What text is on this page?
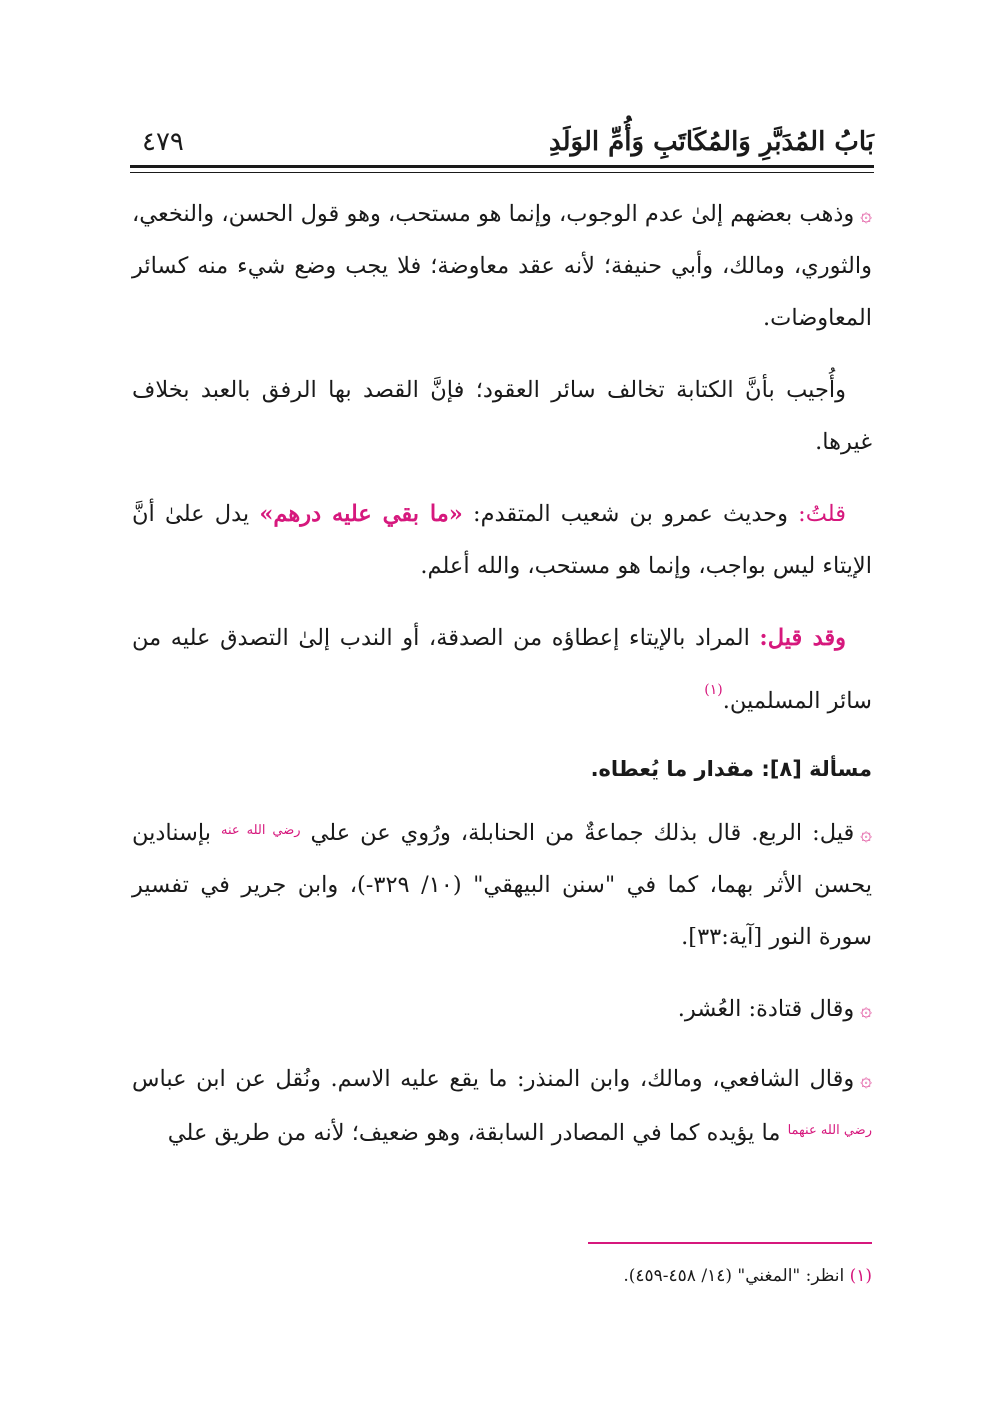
بَابُ المُدَبَّرِ وَالمُكَاتَبِ وَأُمِّ الوَلَدِ
٤٧٩

۞وذهب بعضهم إلىٰ عدم الوجوب، وإنما هو مستحب، وهو قول الحسن، والنخعي، والثوري، ومالك، وأبي حنيفة؛ لأنه عقد معاوضة؛ فلا يجب وضع شيء منه كسائر المعاوضات.

وأُجيب بأنَّ الكتابة تخالف سائر العقود؛ فإنَّ القصد بها الرفق بالعبد بخلاف غيرها.

قلتُ: وحديث عمرو بن شعيب المتقدم: «ما بقي عليه درهم» يدل علىٰ أنَّ الإيتاء ليس بواجب، وإنما هو مستحب، والله أعلم.

وقد قيل: المراد بالإيتاء إعطاؤه من الصدقة، أو الندب إلىٰ التصدق عليه من سائر المسلمين.$^{(١)}$

مسألة [٨]: مقدار ما يُعطاه.

۞قيل: الربع. قال بذلك جماعةٌ من الحنابلة، ورُوي عن علي $^{رضي الله عنه}$ بإسنادين يحسن الأثر بهما، كما في "سنن البيهقي" (١٠/ ٣٢٩-)، وابن جرير في تفسير سورة النور [آية:٣٣].

۞وقال قتادة: العُشر.

۞وقال الشافعي، ومالك، وابن المنذر: ما يقع عليه الاسم. ونُقل عن ابن عباس $^{رضي الله عنهما}$ ما يؤيده كما في المصادر السابقة، وهو ضعيف؛ لأنه من طريق علي

(١) انظر: "المغني" (١٤/ ٤٥٨-٤٥٩).
